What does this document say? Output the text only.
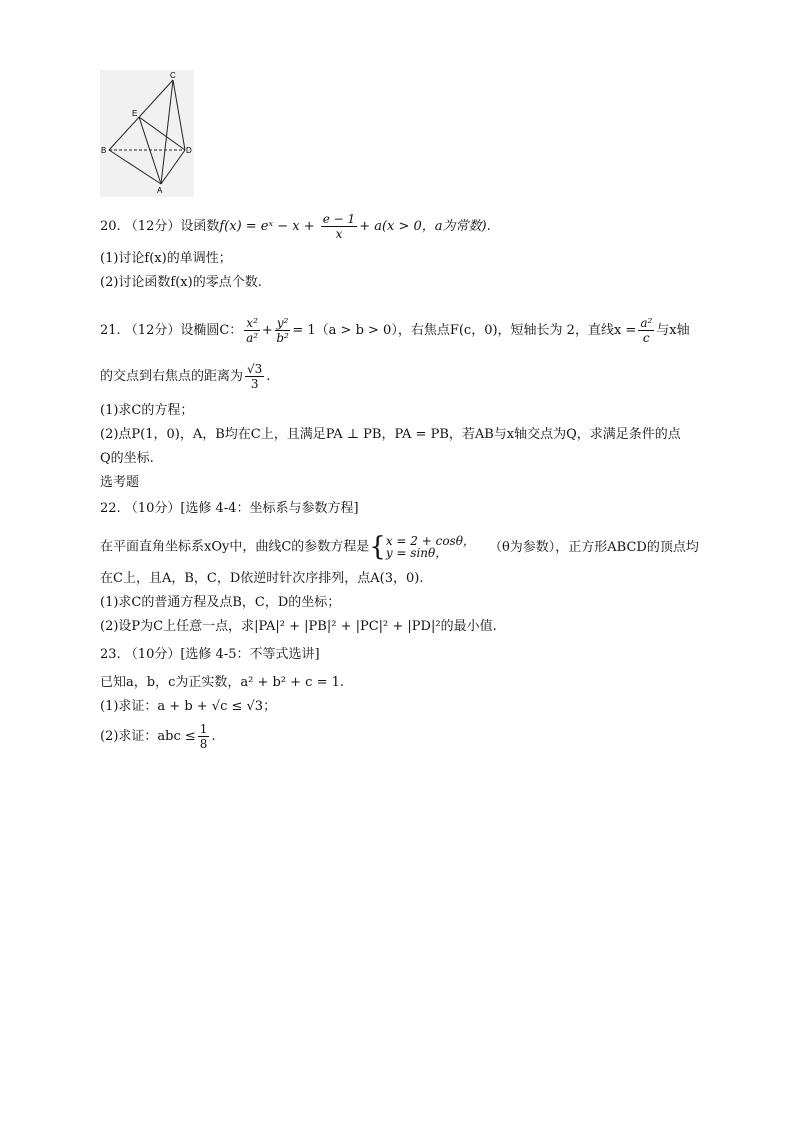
C
E
B	D
A
20. （12分）设函数f(x) = eˣ − $x + \frac{e - 1}{x} + a(x > 0$，a为常数).
(1)讨论f(x)的单调性；
(2)讨论函数f(x)的零点个数.
21. （12分）设椭圆C： $\frac{\text{x²}}{\text{a²}} + \frac{\text{y²}}{\text{b²}} = 1(a > b > 0)$，右焦点F(c，0)，短轴长为 2，直线$x = \frac{\text{a²}}{c}$ 与x轴
的交点到右焦点的距离为 $\frac{√3}{3}$ .
(1)求C的方程；
(2)点P(1，0)，A，B均在C上，且满足PA ⊥ PB，PA = PB，若AB与x轴交点为Q，求满足条件的点
Q的坐标.
选考题
22. （10分）[选修 4-4：坐标系与参数方程]
在平面直角坐标系xOy中，曲线C的参数方程是{ x = 2 + cosθ，
y = sinθ，	（θ为参数），正方形ABCD的顶点均
在C上，且A，B，C，D依逆时针次序排列，点A(3，0).
(1)求C的普通方程及点B，C，D的坐标；
(2)设P为C上任意一点，求|PA|² + |PB|² + |PC|² + |PD|²的最小值.
23. （10分）[选修 4-5：不等式选讲]
已知a，b，c为正实数，a² + b² + c = 1.
(1)求证：a + b + √c ≤ √3；
(2)求证：abc ≤ $\frac{1}{8}$ .
